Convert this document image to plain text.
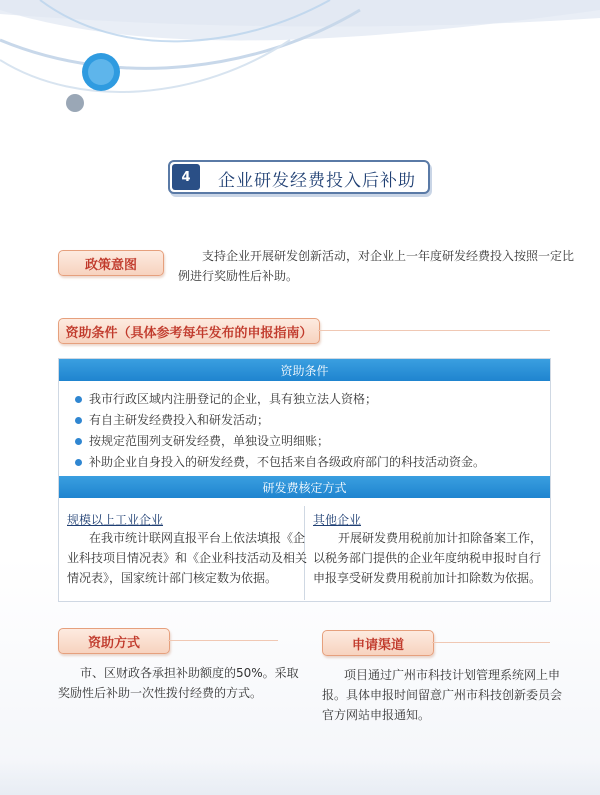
4	企业研发经费投入后补助
政策意图
支持企业开展研发创新活动，对企业上一年度研发经费投入按照一定比
例进行奖励性后补助。
资助条件（具体参考每年发布的申报指南）
资助条件
我市行政区域内注册登记的企业，具有独立法人资格；
有自主研发经费投入和研发活动；
按规定范围列支研发经费，单独设立明细账；
补助企业自身投入的研发经费，不包括来自各级政府部门的科技活动资金。
研发费核定方式
规模以上工业企业
在我市统计联网直报平台上依法填报《企
业科技项目情况表》和《企业科技活动及相关
情况表》，国家统计部门核定数为依据。
其他企业
开展研发费用税前加计扣除备案工作，
以税务部门提供的企业年度纳税申报时自行
申报享受研发费用税前加计扣除数为依据。
资助方式
市、区财政各承担补助额度的50%。采取
奖励性后补助一次性拨付经费的方式。
申请渠道
项目通过广州市科技计划管理系统网上申
报。具体申报时间留意广州市科技创新委员会
官方网站申报通知。
